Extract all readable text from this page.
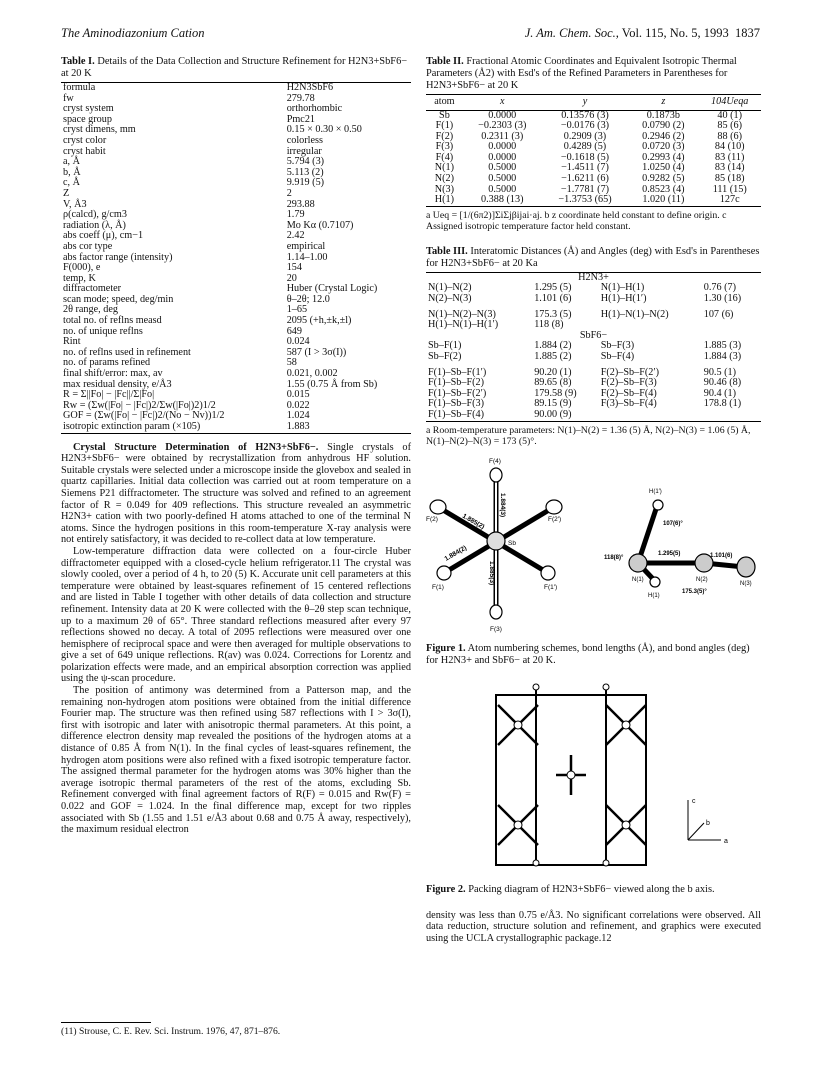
The Aminodiazonium Cation	J. Am. Chem. Soc., Vol. 115, No. 5, 1993 1837
Table I. Details of the Data Collection and Structure Refinement for H2N3+SbF6− at 20 K
formula	H2N3SbF6
fw	279.78
cryst system	orthorhombic
space group	Pmc21
cryst dimens, mm	0.15 × 0.30 × 0.50
cryst color	colorless
cryst habit	irregular
a, Å	5.794 (3)
b, Å	5.113 (2)
c, Å	9.919 (5)
Z	2
V, Å3	293.88
ρ(calcd), g/cm3	1.79
radiation (λ, Å)	Mo Kα (0.7107)
abs coeff (μ), cm−1	2.42
abs cor type	empirical
abs factor range (intensity)	1.14–1.00
F(000), e	154
temp, K	20
diffractometer	Huber (Crystal Logic)
scan mode; speed, deg/min	θ–2θ; 12.0
2θ range, deg	1–65
total no. of reflns measd	2095 (+h,±k,±l)
no. of unique reflns	649
Rint	0.024
no. of reflns used in refinement	587 (I > 3σ(I))
no. of params refined	58
final shift/error: max, av	0.021, 0.002
max residual density, e/Å3	1.55 (0.75 Å from Sb)
R = Σ||Fo| − |Fc||/Σ|Fo|	0.015
Rw = (Σw(|Fo| − |Fc|)2/Σw(|Fo|)2)1/2	0.022
GOF = (Σw(|Fo| − |Fc|)2/(No − Nv))1/2	1.024
isotropic extinction param (×105)	1.883

Crystal Structure Determination of H2N3+SbF6−. Single crystals of H2N3+SbF6− were obtained by recrystallization from anhydrous HF solution. Suitable crystals were selected under a microscope inside the glovebox and sealed in quartz capillaries. Initial data collection was carried out at room temperature on a Siemens P21 diffractometer. The structure was solved and refined to an agreement factor of R = 0.049 for 409 reflections. This structure revealed an asymmetric H2N3+ cation with two poorly-defined H atoms attached to one of the terminal N atoms. Since the hydrogen positions in this room-temperature X-ray analysis were not entirely satisfactory, it was decided to re-collect data at low temperature.

Low-temperature diffraction data were collected on a four-circle Huber diffractometer equipped with a closed-cycle helium refrigerator.11 The crystal was slowly cooled, over a period of 4 h, to 20 (5) K. Accurate unit cell parameters at this temperature were obtained by least-squares refinement of 15 centered reflections and are listed in Table I together with other details of data collection and structure refinement. Intensity data at 20 K were collected with the θ–2θ step scan technique, up to a maximum 2θ of 65°. Three standard reflections measured after every 97 reflections showed no decay. A total of 2095 reflections were measured over one hemisphere of reciprocal space and were then averaged for multiple observations to give a set of 649 unique reflections. R(av) was 0.024. Corrections for Lorentz and polarization effects were made, and an empirical absorption correction was applied using the ψ-scan procedure.

The position of antimony was determined from a Patterson map, and the remaining non-hydrogen atom positions were obtained from the initial difference Fourier map. The structure was then refined using 587 reflections with I > 3σ(I), first with isotropic and later with anisotropic thermal parameters. At this point, a difference electron density map revealed the positions of the hydrogen atoms at a distance of 0.85 Å from N(1). In the final cycles of least-squares refinement, the hydrogen atom positions were also refined with a fixed isotropic temperature factor. The assigned thermal parameter for the hydrogen atoms was 30% higher than the average isotropic thermal parameters of the rest of the atoms, excluding Sb. Refinement converged with final agreement factors of R(F) = 0.015 and Rw(F) = 0.022 and GOF = 1.024. In the final difference map, except for two ripples associated with Sb (1.55 and 1.51 e/Å3 about 0.68 and 0.75 Å away, respectively), the maximum residual electron

(11) Strouse, C. E. Rev. Sci. Instrum. 1976, 47, 871–876.
Table II. Fractional Atomic Coordinates and Equivalent Isotropic Thermal Parameters (Å2) with Esd's of the Refined Parameters in Parentheses for H2N3+SbF6− at 20 K
atom	x	y	z	104Ueqa
Sb	0.0000	0.13576 (3)	0.1873b	40 (1)
F(1)	−0.2303 (3)	−0.0176 (3)	0.0790 (2)	85 (6)
F(2)	0.2311 (3)	0.2909 (3)	0.2946 (2)	88 (6)
F(3)	0.0000	0.4289 (5)	0.0720 (3)	84 (10)
F(4)	0.0000	−0.1618 (5)	0.2993 (4)	83 (11)
N(1)	0.5000	−1.4511 (7)	1.0250 (4)	83 (14)
N(2)	0.5000	−1.6211 (6)	0.9282 (5)	85 (18)
N(3)	0.5000	−1.7781 (7)	0.8523 (4)	111 (15)
H(1)	0.388 (13)	−1.3753 (65)	1.020 (11)	127c
a Ueq = [1/(6π2)]ΣiΣjβijai·aj. b z coordinate held constant to define origin. c Assigned isotropic temperature factor held constant.
Table III. Interatomic Distances (Å) and Angles (deg) with Esd's in Parentheses for H2N3+SbF6− at 20 Ka
H2N3+			
N(1)–N(2)	1.295 (5)	N(1)–H(1)	0.76 (7)
N(2)–N(3)	1.101 (6)	H(1)–H(1′)	1.30 (16)
N(1)–N(2)–N(3)	175.3 (5)	H(1)–N(1)–N(2)	107 (6)
H(1)–N(1)–H(1′)	118 (8)		
SbF6−			
Sb–F(1)	1.884 (2)	Sb–F(3)	1.885 (3)
Sb–F(2)	1.885 (2)	Sb–F(4)	1.884 (3)
F(1)–Sb–F(1′)	90.20 (1)	F(2)–Sb–F(2′)	90.5 (1)
F(1)–Sb–F(2)	89.65 (8)	F(2)–Sb–F(3)	90.46 (8)
F(1)–Sb–F(2′)	179.58 (9)	F(2)–Sb–F(4)	90.4 (1)
F(1)–Sb–F(3)	89.15 (9)	F(3)–Sb–F(4)	178.8 (1)
F(1)–Sb–F(4)	90.00 (9)		
a Room-temperature parameters: N(1)–N(2) = 1.36 (5) Å, N(2)–N(3) = 1.06 (5) Å, N(1)–N(2)–N(3) = 173 (5)°.
F(4)
F(2)	F(2′)
Sb
F(1)	F(1′)
F(3)
1.885(2)
1.884(2)
1.884(3)
1.885(3)
H(1′)
H(1)
N(1)	N(2)
N(3)
107(6)°
118(8)°
1.295(5)	1.101(6)
175.3(5)°
Figure 1. Atom numbering schemes, bond lengths (Å), and bond angles (deg) for H2N3+ and SbF6− at 20 K.
c
b
a
Figure 2. Packing diagram of H2N3+SbF6− viewed along the b axis.
density was less than 0.75 e/Å3. No significant correlations were observed. All data reduction, structure solution and refinement, and graphics were executed using the UCLA crystallographic package.12
